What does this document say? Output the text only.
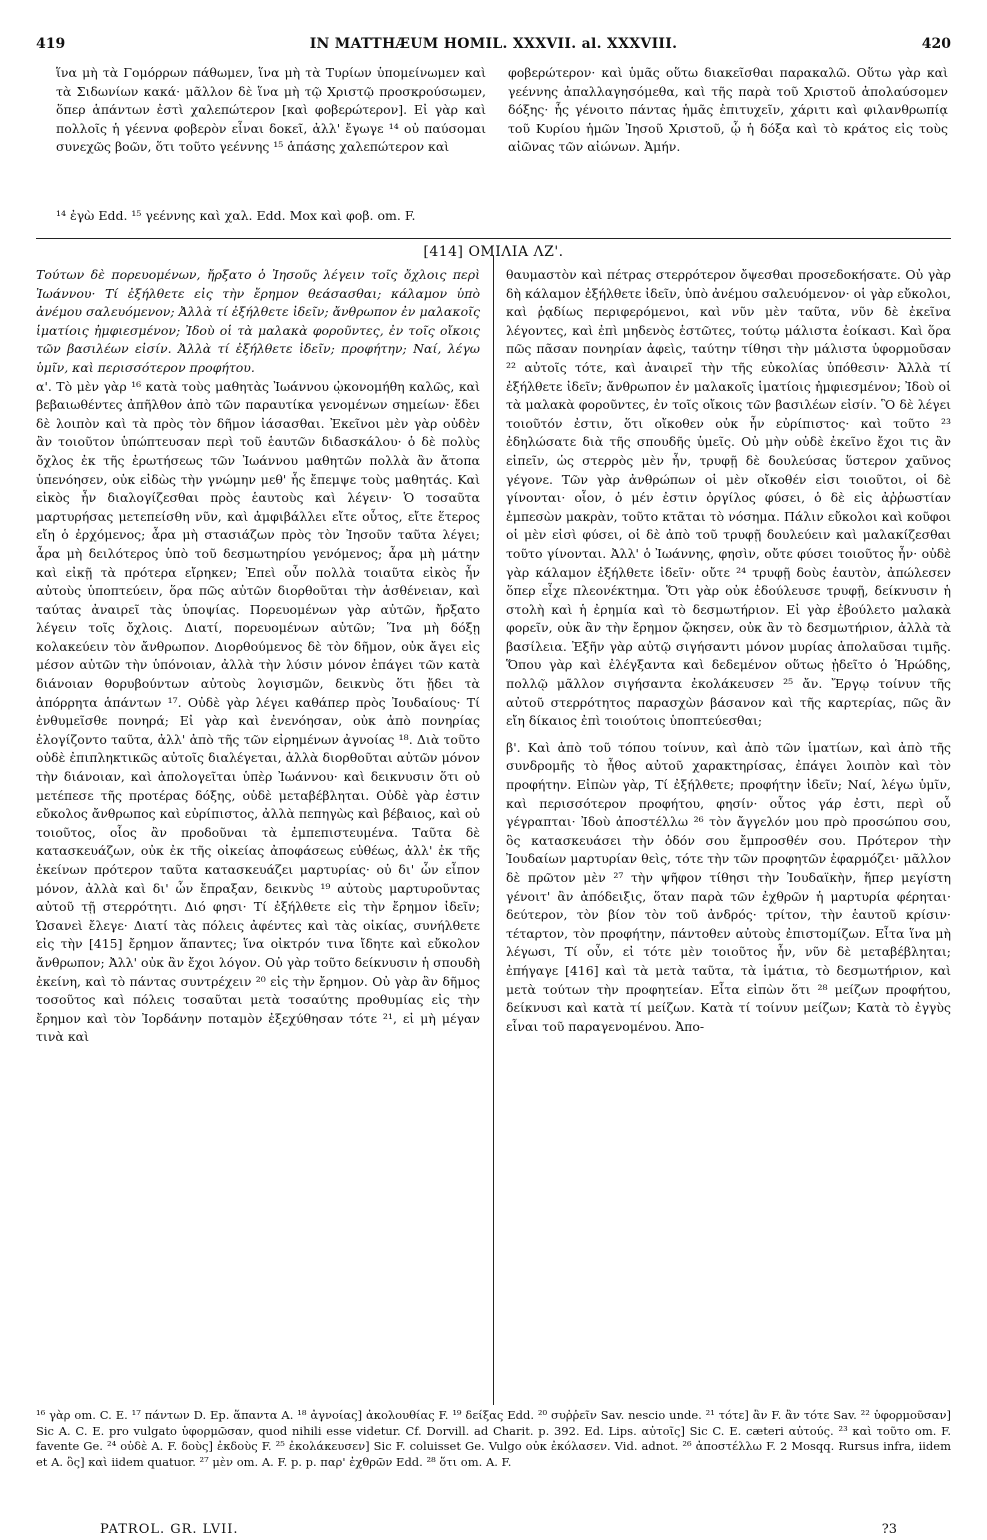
419	IN MATTHÆUM HOMIL. XXXVII. al. XXXVIII.	420

ἵνα μὴ τὰ Γομόρρων πάθωμεν, ἵνα μὴ τὰ Τυρίων ὑπομείνωμεν καὶ τὰ Σιδωνίων κακά· μᾶλλον δὲ ἵνα μὴ τῷ Χριστῷ προσκρούσωμεν, ὅπερ ἁπάντων ἐστὶ χαλεπώτερον [καὶ φοβερώτερον]. Εἰ γὰρ καὶ πολλοῖς ἡ γέεννα φοβερὸν εἶναι δοκεῖ, ἀλλ' ἔγωγε ¹⁴ οὐ παύσομαι συνεχῶς βοῶν, ὅτι τοῦτο γεέννης ¹⁵ ἁπάσης χαλεπώτερον καὶ

φοβερώτερον· καὶ ὑμᾶς οὕτω διακεῖσθαι παρακαλῶ. Οὕτω γὰρ καὶ γεέννης ἀπαλλαγησόμεθα, καὶ τῆς παρὰ τοῦ Χριστοῦ ἀπολαύσομεν δόξης· ἧς γένοιτο πάντας ἡμᾶς ἐπιτυχεῖν, χάριτι καὶ φιλανθρωπίᾳ τοῦ Κυρίου ἡμῶν Ἰησοῦ Χριστοῦ, ᾧ ἡ δόξα καὶ τὸ κράτος εἰς τοὺς αἰῶνας τῶν αἰώνων. Ἀμήν.

¹⁴ ἐγὼ Edd. ¹⁵ γεέννης καὶ χαλ. Edd. Mox καὶ φοβ. om. F.
[414] ΟΜΙΛΙΑ ΛΖ'.

Τούτων δὲ πορευομένων, ἤρξατο ὁ Ἰησοῦς λέγειν τοῖς ὄχλοις περὶ Ἰωάννου· Τί ἐξήλθετε εἰς τὴν ἔρημον θεάσασθαι; κάλαμον ὑπὸ ἀνέμου σαλευόμενον; Ἀλλὰ τί ἐξήλθετε ἰδεῖν; ἄνθρωπον ἐν μαλακοῖς ἱματίοις ἠμφιεσμένον; Ἰδοὺ οἱ τὰ μαλακὰ φοροῦντες, ἐν τοῖς οἴκοις τῶν βασιλέων εἰσίν. Ἀλλὰ τί ἐξήλθετε ἰδεῖν; προφήτην; Ναί, λέγω ὑμῖν, καὶ περισσότερον προφήτου.

α'. Τὸ μὲν γὰρ ¹⁶ κατὰ τοὺς μαθητὰς Ἰωάννου ᾠκονομήθη καλῶς, καὶ βεβαιωθέντες ἀπῆλθον ἀπὸ τῶν παραυτίκα γενομένων σημείων· ἔδει δὲ λοιπὸν καὶ τὰ πρὸς τὸν δῆμον ἰάσασθαι. Ἐκεῖνοι μὲν γὰρ οὐδὲν ἂν τοιοῦτον ὑπώπτευσαν περὶ τοῦ ἑαυτῶν διδασκάλου· ὁ δὲ πολὺς ὄχλος ἐκ τῆς ἐρωτήσεως τῶν Ἰωάννου μαθητῶν πολλὰ ἂν ἄτοπα ὑπενόησεν, οὐκ εἰδὼς τὴν γνώμην μεθ' ἧς ἔπεμψε τοὺς μαθητάς. Καὶ εἰκὸς ἦν διαλογίζεσθαι πρὸς ἑαυτοὺς καὶ λέγειν· Ὁ τοσαῦτα μαρτυρήσας μετεπείσθη νῦν, καὶ ἀμφιβάλλει εἴτε οὗτος, εἴτε ἕτερος εἴη ὁ ἐρχόμενος; ἆρα μὴ στασιάζων πρὸς τὸν Ἰησοῦν ταῦτα λέγει; ἆρα μὴ δειλότερος ὑπὸ τοῦ δεσμωτηρίου γενόμενος; ἆρα μὴ μάτην καὶ εἰκῇ τὰ πρότερα εἴρηκεν; Ἐπεὶ οὖν πολλὰ τοιαῦτα εἰκὸς ἦν αὐτοὺς ὑποπτεύειν, ὅρα πῶς αὐτῶν διορθοῦται τὴν ἀσθένειαν, καὶ ταύτας ἀναιρεῖ τὰς ὑποψίας. Πορευομένων γὰρ αὐτῶν, ἤρξατο λέγειν τοῖς ὄχλοις. Διατί, πορευομένων αὐτῶν; Ἵνα μὴ δόξῃ κολακεύειν τὸν ἄνθρωπον. Διορθούμενος δὲ τὸν δῆμον, οὐκ ἄγει εἰς μέσον αὐτῶν τὴν ὑπόνοιαν, ἀλλὰ τὴν λύσιν μόνον ἐπάγει τῶν κατὰ διάνοιαν θορυβούντων αὐτοὺς λογισμῶν, δεικνὺς ὅτι ᾔδει τὰ ἀπόρρητα ἁπάντων ¹⁷. Οὐδὲ γὰρ λέγει καθάπερ πρὸς Ἰουδαίους· Τί ἐνθυμεῖσθε πονηρά; Εἰ γὰρ καὶ ἐνενόησαν, οὐκ ἀπὸ πονηρίας ἐλογίζοντο ταῦτα, ἀλλ' ἀπὸ τῆς τῶν εἰρημένων ἀγνοίας ¹⁸. Διὰ τοῦτο οὐδὲ ἐπιπληκτικῶς αὐτοῖς διαλέγεται, ἀλλὰ διορθοῦται αὐτῶν μόνον τὴν διάνοιαν, καὶ ἀπολογεῖται ὑπὲρ Ἰωάννου· καὶ δεικνυσιν ὅτι οὐ μετέπεσε τῆς προτέρας δόξης, οὐδὲ μεταβέβληται. Οὐδὲ γὰρ ἐστιν εὔκολος ἄνθρωπος καὶ εὐρίπιστος, ἀλλὰ πεπηγὼς καὶ βέβαιος, καὶ οὐ τοιοῦτος, οἷος ἂν προδοῦναι τὰ ἐμπεπιστευμένα. Ταῦτα δὲ κατασκευάζων, οὐκ ἐκ τῆς οἰκείας ἀποφάσεως εὐθέως, ἀλλ' ἐκ τῆς ἐκείνων πρότερον ταῦτα κατασκευάζει μαρτυρίας· οὐ δι' ὧν εἶπον μόνον, ἀλλὰ καὶ δι' ὧν ἔπραξαν, δεικνὺς ¹⁹ αὐτοὺς μαρτυροῦντας αὐτοῦ τῇ στερρότητι. Διό φησι· Τί ἐξήλθετε εἰς τὴν ἔρημον ἰδεῖν; Ὡσανεὶ ἔλεγε· Διατί τὰς πόλεις ἀφέντες καὶ τὰς οἰκίας, συνήλθετε εἰς τὴν [415] ἔρημον ἅπαντες; ἵνα οἰκτρόν τινα ἴδητε καὶ εὔκολον ἄνθρωπον; Ἀλλ' οὐκ ἂν ἔχοι λόγον. Οὐ γὰρ τοῦτο δείκνυσιν ἡ σπουδὴ ἐκείνη, καὶ τὸ πάντας συντρέχειν ²⁰ εἰς τὴν ἔρημον. Οὐ γὰρ ἂν δῆμος τοσοῦτος καὶ πόλεις τοσαῦται μετὰ τοσαύτης προθυμίας εἰς τὴν ἔρημον καὶ τὸν Ἰορδάνην ποταμὸν ἐξεχύθησαν τότε ²¹, εἰ μὴ μέγαν τινὰ καὶ

θαυμαστὸν καὶ πέτρας στερρότερον ὄψεσθαι προσεδοκήσατε. Οὐ γὰρ δὴ κάλαμον ἐξήλθετε ἰδεῖν, ὑπὸ ἀνέμου σαλευόμενον· οἱ γὰρ εὔκολοι, καὶ ῥᾳδίως περιφερόμενοι, καὶ νῦν μὲν ταῦτα, νῦν δὲ ἐκεῖνα λέγοντες, καὶ ἐπὶ μηδενὸς ἑστῶτες, τούτῳ μάλιστα ἐοίκασι. Καὶ ὅρα πῶς πᾶσαν πονηρίαν ἀφεὶς, ταύτην τίθησι τὴν μάλιστα ὑφορμοῦσαν ²² αὐτοῖς τότε, καὶ ἀναιρεῖ τὴν τῆς εὐκολίας ὑπόθεσιν· Ἀλλὰ τί ἐξήλθετε ἰδεῖν; ἄνθρωπον ἐν μαλακοῖς ἱματίοις ἠμφιεσμένον; Ἰδοὺ οἱ τὰ μαλακὰ φοροῦντες, ἐν τοῖς οἴκοις τῶν βασιλέων εἰσίν. Ὃ δὲ λέγει τοιοῦτόν ἐστιν, ὅτι οἴκοθεν οὐκ ἦν εὐρίπιστος· καὶ τοῦτο ²³ ἐδηλώσατε διὰ τῆς σπουδῆς ὑμεῖς. Οὐ μὴν οὐδὲ ἐκεῖνο ἔχοι τις ἂν εἰπεῖν, ὡς στερρὸς μὲν ἦν, τρυφῇ δὲ δουλεύσας ὕστερον χαῦνος γέγονε. Τῶν γὰρ ἀνθρώπων οἱ μὲν οἴκοθέν εἰσι τοιοῦτοι, οἱ δὲ γίνονται· οἷον, ὁ μέν ἐστιν ὀργίλος φύσει, ὁ δὲ εἰς ἀῤῥωστίαν ἐμπεσὼν μακρὰν, τοῦτο κτᾶται τὸ νόσημα. Πάλιν εὔκολοι καὶ κοῦφοι οἱ μὲν εἰσὶ φύσει, οἱ δὲ ἀπὸ τοῦ τρυφῇ δουλεύειν καὶ μαλακίζεσθαι τοῦτο γίνονται. Ἀλλ' ὁ Ἰωάννης, φησὶν, οὔτε φύσει τοιοῦτος ἦν· οὐδὲ γὰρ κάλαμον ἐξήλθετε ἰδεῖν· οὔτε ²⁴ τρυφῇ δοὺς ἑαυτὸν, ἀπώλεσεν ὅπερ εἶχε πλεονέκτημα. Ὅτι γὰρ οὐκ ἐδούλευσε τρυφῇ, δείκνυσιν ἡ στολὴ καὶ ἡ ἐρημία καὶ τὸ δεσμωτήριον. Εἰ γὰρ ἐβούλετο μαλακὰ φορεῖν, οὐκ ἂν τὴν ἔρημον ᾤκησεν, οὐκ ἂν τὸ δεσμωτήριον, ἀλλὰ τὰ βασίλεια. Ἐξῆν γὰρ αὐτῷ σιγήσαντι μόνον μυρίας ἀπολαῦσαι τιμῆς. Ὅπου γὰρ καὶ ἐλέγξαντα καὶ δεδεμένον οὕτως ᾐδεῖτο ὁ Ἡρώδης, πολλῷ μᾶλλον σιγήσαντα ἐκολάκευσεν ²⁵ ἄν. Ἔργῳ τοίνυν τῆς αὐτοῦ στερρότητος παρασχὼν βάσανον καὶ τῆς καρτερίας, πῶς ἂν εἴη δίκαιος ἐπὶ τοιούτοις ὑποπτεύεσθαι;

β'. Καὶ ἀπὸ τοῦ τόπου τοίνυν, καὶ ἀπὸ τῶν ἱματίων, καὶ ἀπὸ τῆς συνδρομῆς τὸ ἦθος αὐτοῦ χαρακτηρίσας, ἐπάγει λοιπὸν καὶ τὸν προφήτην. Εἰπὼν γὰρ, Τί ἐξήλθετε; προφήτην ἰδεῖν; Ναί, λέγω ὑμῖν, καὶ περισσότερον προφήτου, φησίν· οὗτος γάρ ἐστι, περὶ οὗ γέγραπται· Ἰδοὺ ἀποστέλλω ²⁶ τὸν ἄγγελόν μου πρὸ προσώπου σου, ὃς κατασκευάσει τὴν ὁδόν σου ἔμπροσθέν σου. Πρότερον τὴν Ἰουδαίων μαρτυρίαν θεὶς, τότε τὴν τῶν προφητῶν ἐφαρμόζει· μᾶλλον δὲ πρῶτον μὲν ²⁷ τὴν ψῆφον τίθησι τὴν Ἰουδαϊκὴν, ἥπερ μεγίστη γένοιτ' ἂν ἀπόδειξις, ὅταν παρὰ τῶν ἐχθρῶν ἡ μαρτυρία φέρηται· δεύτερον, τὸν βίον τὸν τοῦ ἀνδρός· τρίτον, τὴν ἑαυτοῦ κρίσιν· τέταρτον, τὸν προφήτην, πάντοθεν αὐτοὺς ἐπιστομίζων. Εἶτα ἵνα μὴ λέγωσι, Τί οὖν, εἰ τότε μὲν τοιοῦτος ἦν, νῦν δὲ μεταβέβληται; ἐπήγαγε [416] καὶ τὰ μετὰ ταῦτα, τὰ ἱμάτια, τὸ δεσμωτήριον, καὶ μετὰ τούτων τὴν προφητείαν. Εἶτα εἰπὼν ὅτι ²⁸ μείζων προφήτου, δείκνυσι καὶ κατὰ τί μείζων. Κατὰ τί τοίνυν μείζων; Κατὰ τὸ ἐγγὺς εἶναι τοῦ παραγενομένου. Ἀπο-

¹⁶ γὰρ om. C. E. ¹⁷ πάντων D. Ep. ἅπαντα A. ¹⁸ ἀγνοίας] ἀκολουθίας F. ¹⁹ δείξας Edd. ²⁰ συῤῥεῖν Sav. nescio unde. ²¹ τότε] ἂν F. ἂν τότε Sav. ²² ὑφορμοῦσαν] Sic A. C. E. pro vulgato ὑφορμῶσαν, quod nihili esse videtur. Cf. Dorvill. ad Charit. p. 392. Ed. Lips. αὐτοῖς] Sic C. E. cæteri αὐτούς. ²³ καὶ τοῦτο om. F. favente Ge. ²⁴ οὐδὲ A. F. δοὺς] ἐκδοὺς F. ²⁵ ἐκολάκευσεν] Sic F. coluisset Ge. Vulgo οὐκ ἐκόλασεν. Vid. adnot. ²⁶ ἀποστέλλω F. 2 Mosqq. Rursus infra, iidem et A. ὃς] καὶ iidem quatuor. ²⁷ μὲν om. A. F. p. p. παρ' ἐχθρῶν Edd. ²⁸ ὅτι om. A. F.
PATROL. GR. LVII.	?3
